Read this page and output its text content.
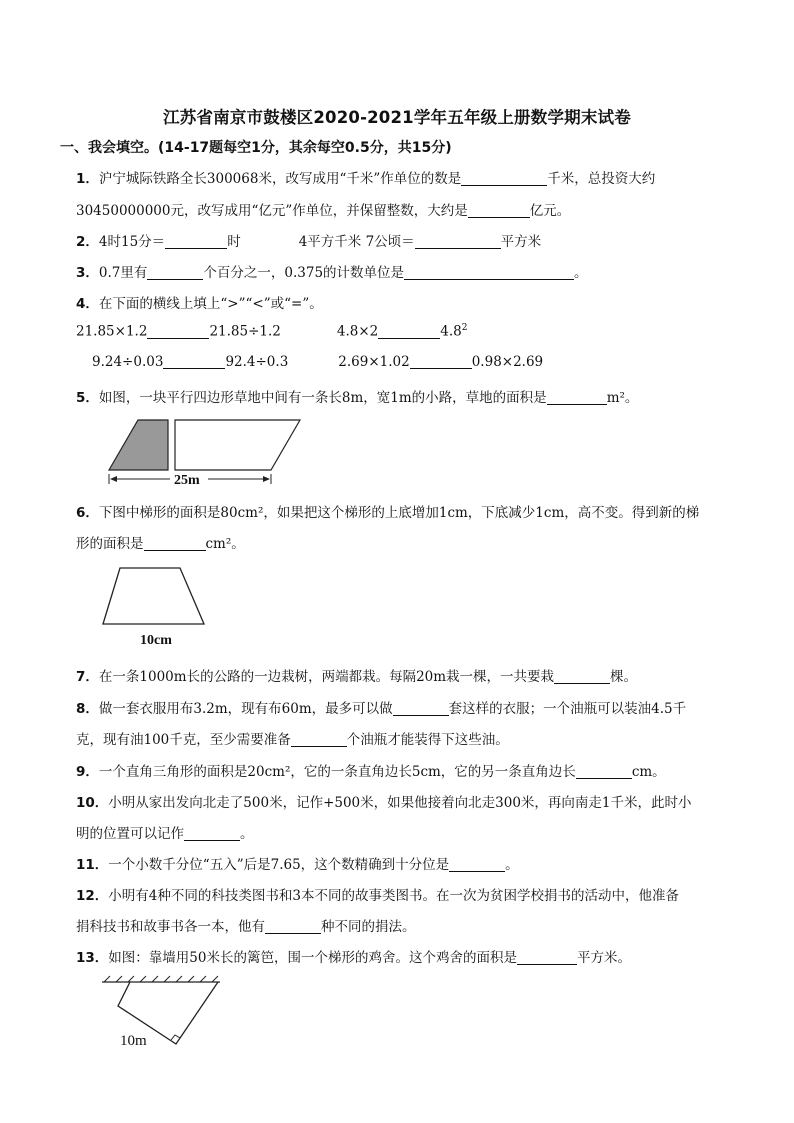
江苏省南京市鼓楼区2020-2021学年五年级上册数学期末试卷
一、我会填空。(14-17题每空1分，其余每空0.5分，共15分)
1．沪宁城际铁路全长300068米，改写成用“千米”作单位的数是	千米，总投资大约
30450000000元，改写成用“亿元”作单位，并保留整数，大约是	亿元。
2．4时15分＝	时	4平方千米 7公顷＝	平方米
3．0.7里有	个百分之一，0.375的计数单位是	。
4．在下面的横线上填上“>”“<”或“=”。
21.85×1.2	21.85÷1.2	4.8×2	$4.8^2$
9.24÷0.03	92.4÷0.3	2.69×1.02	0.98×2.69
5．如图，一块平行四边形草地中间有一条长8m，宽1m的小路，草地的面积是	m²。
25m
6．下图中梯形的面积是80cm²，如果把这个梯形的上底增加1cm，下底减少1cm，高不变。得到新的梯
形的面积是	cm²。
10cm
7．在一条1000m长的公路的一边栽树，两端都栽。每隔20m栽一棵，一共要栽	棵。
8．做一套衣服用布3.2m，现有布60m，最多可以做	套这样的衣服；一个油瓶可以装油4.5千
克，现有油100千克，至少需要准备	个油瓶才能装得下这些油。
9．一个直角三角形的面积是20cm²，它的一条直角边长5cm，它的另一条直角边长	cm。
10．小明从家出发向北走了500米，记作+500米，如果他接着向北走300米，再向南走1千米，此时小
明的位置可以记作	。
11．一个小数千分位“五入”后是7.65，这个数精确到十分位是	。
12．小明有4种不同的科技类图书和3本不同的故事类图书。在一次为贫困学校捐书的活动中，他准备
捐科技书和故事书各一本，他有	种不同的捐法。
13．如图：靠墙用50米长的篱笆，围一个梯形的鸡舍。这个鸡舍的面积是	平方米。
10m
